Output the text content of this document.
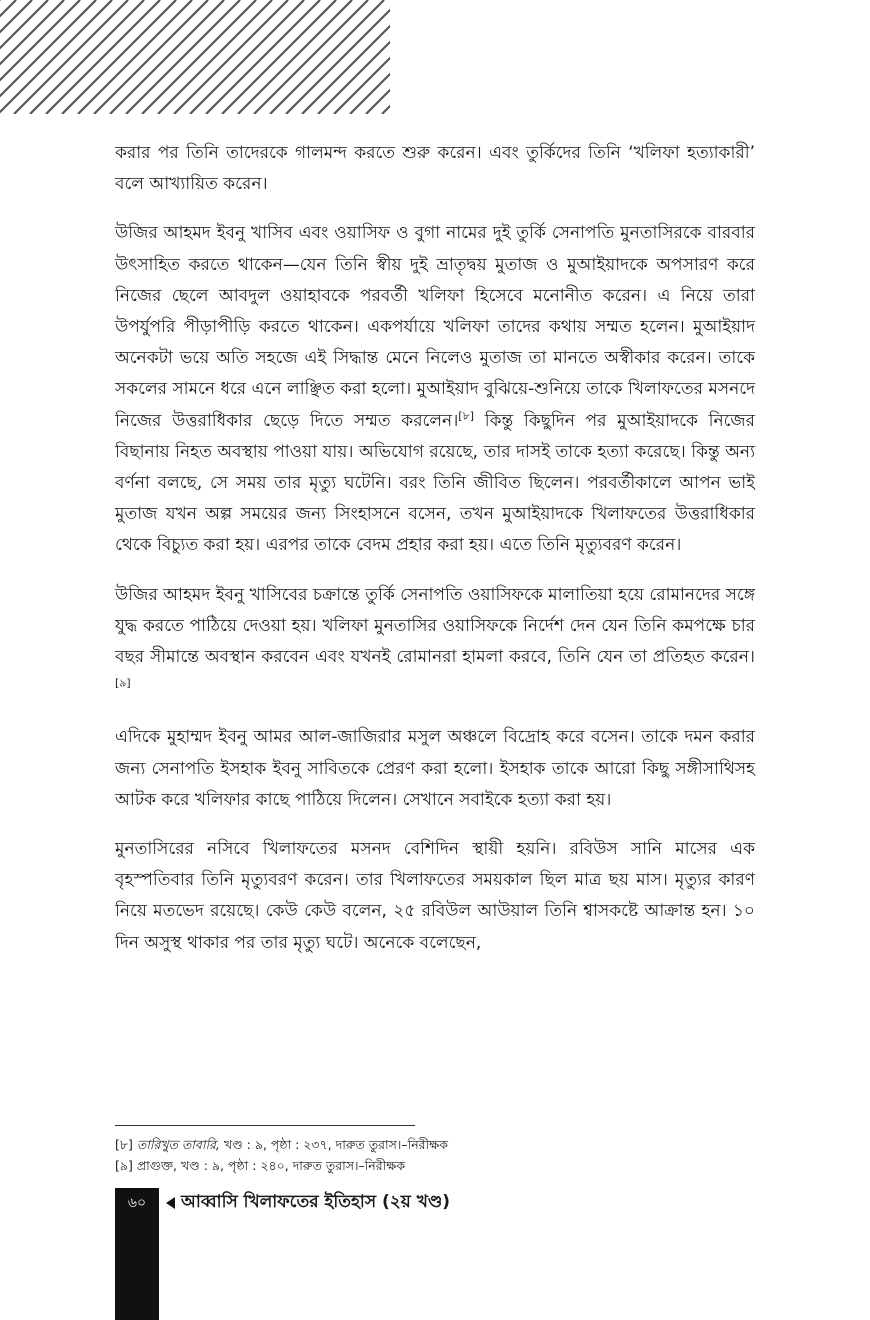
করার পর তিনি তাদেরকে গালমন্দ করতে শুরু করেন। এবং তুর্কিদের তিনি ‘খলিফা হত্যাকারী’ বলে আখ্যায়িত করেন।

উজির আহমদ ইবনু খাসিব এবং ওয়াসিফ ও বুগা নামের দুই তুর্কি সেনাপতি মুনতাসিরকে বারবার উৎসাহিত করতে থাকেন—যেন তিনি স্বীয় দুই ভ্রাতৃদ্বয় মুতাজ ও মুআইয়াদকে অপসারণ করে নিজের ছেলে আবদুল ওয়াহাবকে পরবর্তী খলিফা হিসেবে মনোনীত করেন। এ নিয়ে তারা উপর্যুপরি পীড়াপীড়ি করতে থাকেন। একপর্যায়ে খলিফা তাদের কথায় সম্মত হলেন। মুআইয়াদ অনেকটা ভয়ে অতি সহজে এই সিদ্ধান্ত মেনে নিলেও মুতাজ তা মানতে অস্বীকার করেন। তাকে সকলের সামনে ধরে এনে লাঞ্ছিত করা হলো। মুআইয়াদ বুঝিয়ে-শুনিয়ে তাকে খিলাফতের মসনদে নিজের উত্তরাধিকার ছেড়ে দিতে সম্মত করলেন।[৮] কিন্তু কিছুদিন পর মুআইয়াদকে নিজের বিছানায় নিহত অবস্থায় পাওয়া যায়। অভিযোগ রয়েছে, তার দাসই তাকে হত্যা করেছে। কিন্তু অন্য বর্ণনা বলছে, সে সময় তার মৃত্যু ঘটেনি। বরং তিনি জীবিত ছিলেন। পরবর্তীকালে আপন ভাই মুতাজ যখন অল্প সময়ের জন্য সিংহাসনে বসেন, তখন মুআইয়াদকে খিলাফতের উত্তরাধিকার থেকে বিচ্যুত করা হয়। এরপর তাকে বেদম প্রহার করা হয়। এতে তিনি মৃত্যুবরণ করেন।

উজির আহমদ ইবনু খাসিবের চক্রান্তে তুর্কি সেনাপতি ওয়াসিফকে মালাতিয়া হয়ে রোমানদের সঙ্গে যুদ্ধ করতে পাঠিয়ে দেওয়া হয়। খলিফা মুনতাসির ওয়াসিফকে নির্দেশ দেন যেন তিনি কমপক্ষে চার বছর সীমান্তে অবস্থান করবেন এবং যখনই রোমানরা হামলা করবে, তিনি যেন তা প্রতিহত করেন।[৯]

এদিকে মুহাম্মদ ইবনু আমর আল-জাজিরার মসুল অঞ্চলে বিদ্রোহ করে বসেন। তাকে দমন করার জন্য সেনাপতি ইসহাক ইবনু সাবিতকে প্রেরণ করা হলো। ইসহাক তাকে আরো কিছু সঙ্গীসাথিসহ আটক করে খলিফার কাছে পাঠিয়ে দিলেন। সেখানে সবাইকে হত্যা করা হয়।

মুনতাসিরের নসিবে খিলাফতের মসনদ বেশিদিন স্থায়ী হয়নি। রবিউস সানি মাসের এক বৃহস্পতিবার তিনি মৃত্যুবরণ করেন। তার খিলাফতের সময়কাল ছিল মাত্র ছয় মাস। মৃত্যুর কারণ নিয়ে মতভেদ রয়েছে। কেউ কেউ বলেন, ২৫ রবিউল আউয়াল তিনি শ্বাসকষ্টে আক্রান্ত হন। ১০ দিন অসুস্থ থাকার পর তার মৃত্যু ঘটে। অনেকে বলেছেন,

[৮] তারিখুত তাবারি, খণ্ড : ৯, পৃষ্ঠা : ২৩৭, দারুত তুরাস।–নিরীক্ষক
[৯] প্রাগুক্ত, খণ্ড : ৯, পৃষ্ঠা : ২৪০, দারুত তুরাস।–নিরীক্ষক
৬০	আব্বাসি খিলাফতের ইতিহাস (২য় খণ্ড)
